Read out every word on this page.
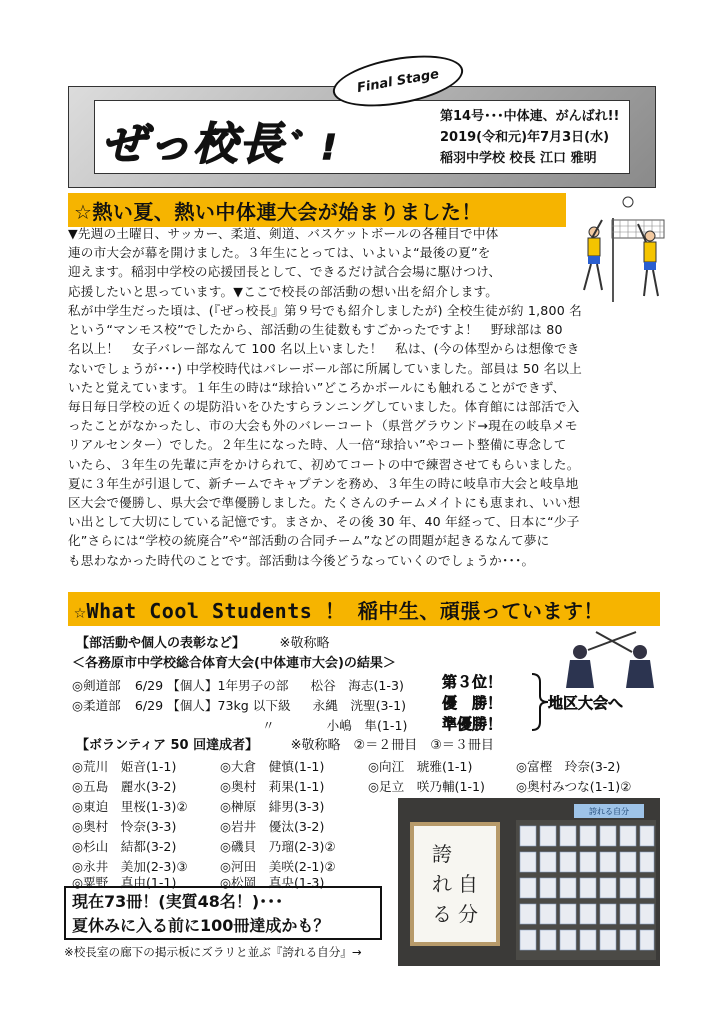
Final Stage
ぜっ校長゛!
第14号･･･中体連、がんばれ!!
2019(令和元)年7月3日(水)
稲羽中学校 校長 江口 雅明
☆熱い夏、熱い中体連大会が始まりました！
▼先週の土曜日、サッカー、柔道、剣道、バスケットボールの各種目で中体
連の市大会が幕を開けました。３年生にとっては、いよいよ“最後の夏”を
迎えます。稲羽中学校の応援団長として、できるだけ試合会場に駆けつけ、
応援したいと思っています。▼ここで校長の部活動の想い出を紹介します。
私が中学生だった頃は、(『ぜっ校長』第９号でも紹介しましたが) 全校生徒が約 1,800 名
という“マンモス校”でしたから、部活動の生徒数もすごかったですよ！　野球部は 80
名以上！　女子バレー部なんて 100 名以上いました！　私は、(今の体型からは想像でき
ないでしょうが･･･) 中学校時代はバレーボール部に所属していました。部員は 50 名以上
いたと覚えています。１年生の時は“球拾い”どころかボールにも触れることができず、
毎日毎日学校の近くの堤防沿いをひたすらランニングしていました。体育館には部活で入
ったことがなかったし、市の大会も外のバレーコート（県営グラウンド→現在の岐阜メモ
リアルセンター）でした。２年生になった時、人一倍“球拾い”やコート整備に専念して
いたら、３年生の先輩に声をかけられて、初めてコートの中で練習させてもらいました。
夏に３年生が引退して、新チームでキャプテンを務め、３年生の時に岐阜市大会と岐阜地
区大会で優勝し、県大会で準優勝しました。たくさんのチームメイトにも恵まれ、いい想
い出として大切にしている記憶です。まさか、その後 30 年、40 年経って、日本に“少子
化”さらには“学校の統廃合”や“部活動の合同チーム”などの問題が起きるなんて夢に
も思わなかった時代のことです。部活動は今後どうなっていくのでしょうか･･･。
☆What Cool Students ！ 稲中生、頑張っています！
【部活動や個人の表彰など】	※敬称略
＜各務原市中学校総合体育大会(中体連市大会)の結果＞
◎剣道部 6/29 【個人】1年男子の部 松谷　海志(1-3)
◎柔道部 6/29 【個人】73kg 以下級 永縄　洸聖(3-1)
〃	小嶋　隼(1-1)
第３位！
優　勝！
準優勝！
地区大会へ
【ボランティア 50 回達成者】	※敬称略　②＝２冊目　③＝３冊目
◎荒川　姫音(1-1)	◎大倉　健慎(1-1)	◎向江　琥雅(1-1)	◎富樫　玲奈(3-2)
◎五島　麗水(3-2)	◎奥村　莉果(1-1)	◎足立　咲乃輔(1-1) ◎奥村みつな(1-1)②
◎東迫　里桜(1-3)②	◎榊原　緋男(3-3)
◎奥村　怜奈(3-3)	◎岩井　優汰(3-2)
◎杉山　結都(3-2)	◎磯貝　乃瑠(2-3)②
◎永井　美加(2-3)③	◎河田　美咲(2-1)②
◎粟野　真由(1-1)	◎松岡　真央(1-3)
現在73冊！(実質48名！)･･･
夏休みに入る前に100冊達成かも？
誇れる自分
誇
れ
る
自
分
※校長室の廊下の掲示板にズラリと並ぶ『誇れる自分』→
